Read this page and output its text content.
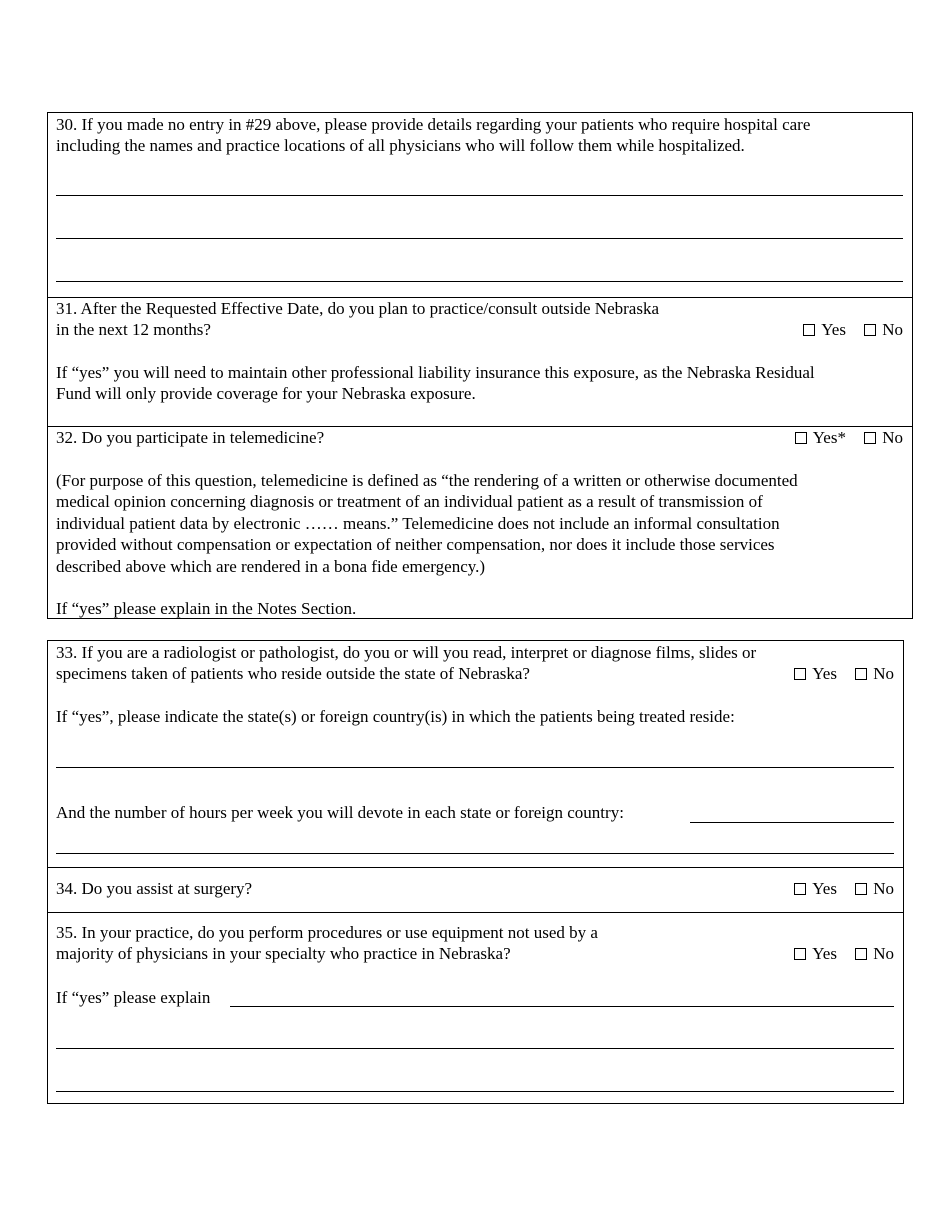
30. If you made no entry in #29 above, please provide details regarding your patients who require hospital care
including the names and practice locations of all physicians who will follow them while hospitalized.
31. After the Requested Effective Date, do you plan to practice/consult outside Nebraska
in the next 12 months?	Yes No
If “yes” you will need to maintain other professional liability insurance this exposure, as the Nebraska Residual
Fund will only provide coverage for your Nebraska exposure.
32. Do you participate in telemedicine?	Yes* No
(For purpose of this question, telemedicine is defined as “the rendering of a written or otherwise documented
medical opinion concerning diagnosis or treatment of an individual patient as a result of transmission of
individual patient data by electronic …… means.” Telemedicine does not include an informal consultation
provided without compensation or expectation of neither compensation, nor does it include those services
described above which are rendered in a bona fide emergency.)
If “yes” please explain in the Notes Section.
33. If you are a radiologist or pathologist, do you or will you read, interpret or diagnose films, slides or
specimens taken of patients who reside outside the state of Nebraska?	Yes No
If “yes”, please indicate the state(s) or foreign country(is) in which the patients being treated reside:
And the number of hours per week you will devote in each state or foreign country:
34. Do you assist at surgery?	Yes No
35. In your practice, do you perform procedures or use equipment not used by a
majority of physicians in your specialty who practice in Nebraska?	Yes No
If “yes” please explain
